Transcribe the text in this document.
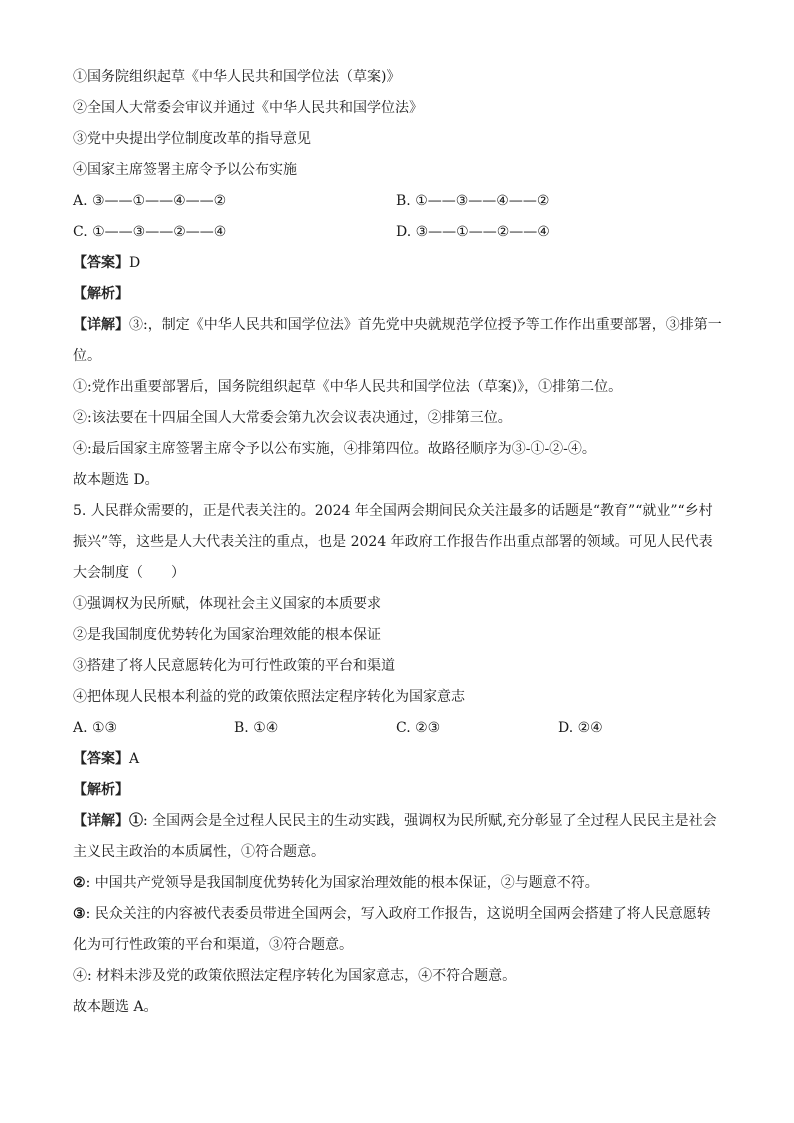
①国务院组织起草《中华人民共和国学位法（草案)》
②全国人大常委会审议并通过《中华人民共和国学位法》
③党中央提出学位制度改革的指导意见
④国家主席签署主席令予以公布实施
A. ③——①——④——②	B. ①——③——④——②
C. ①——③——②——④	D. ③——①——②——④
【答案】D
【解析】
【详解】③:，制定《中华人民共和国学位法》首先党中央就规范学位授予等工作作出重要部署，③排第一位。
①:党作出重要部署后，国务院组织起草《中华人民共和国学位法（草案)》，①排第二位。
②:该法要在十四届全国人大常委会第九次会议表决通过，②排第三位。
④:最后国家主席签署主席令予以公布实施，④排第四位。故路径顺序为③-①-②-④。
故本题选 D。
5. 人民群众需要的，正是代表关注的。2024 年全国两会期间民众关注最多的话题是“教育”“就业”“乡村振兴”等，这些是人大代表关注的重点，也是 2024 年政府工作报告作出重点部署的领域。可见人民代表大会制度（　　）
①强调权为民所赋，体现社会主义国家的本质要求
②是我国制度优势转化为国家治理效能的根本保证
③搭建了将人民意愿转化为可行性政策的平台和渠道
④把体现人民根本利益的党的政策依照法定程序转化为国家意志
A. ①③	B. ①④	C. ②③	D. ②④
【答案】A
【解析】
【详解】①: 全国两会是全过程人民民主的生动实践，强调权为民所赋,充分彰显了全过程人民民主是社会主义民主政治的本质属性，①符合题意。
②: 中国共产党领导是我国制度优势转化为国家治理效能的根本保证，②与题意不符。
③: 民众关注的内容被代表委员带进全国两会，写入政府工作报告，这说明全国两会搭建了将人民意愿转化为可行性政策的平台和渠道，③符合题意。
④: 材料未涉及党的政策依照法定程序转化为国家意志，④不符合题意。
故本题选 A。
